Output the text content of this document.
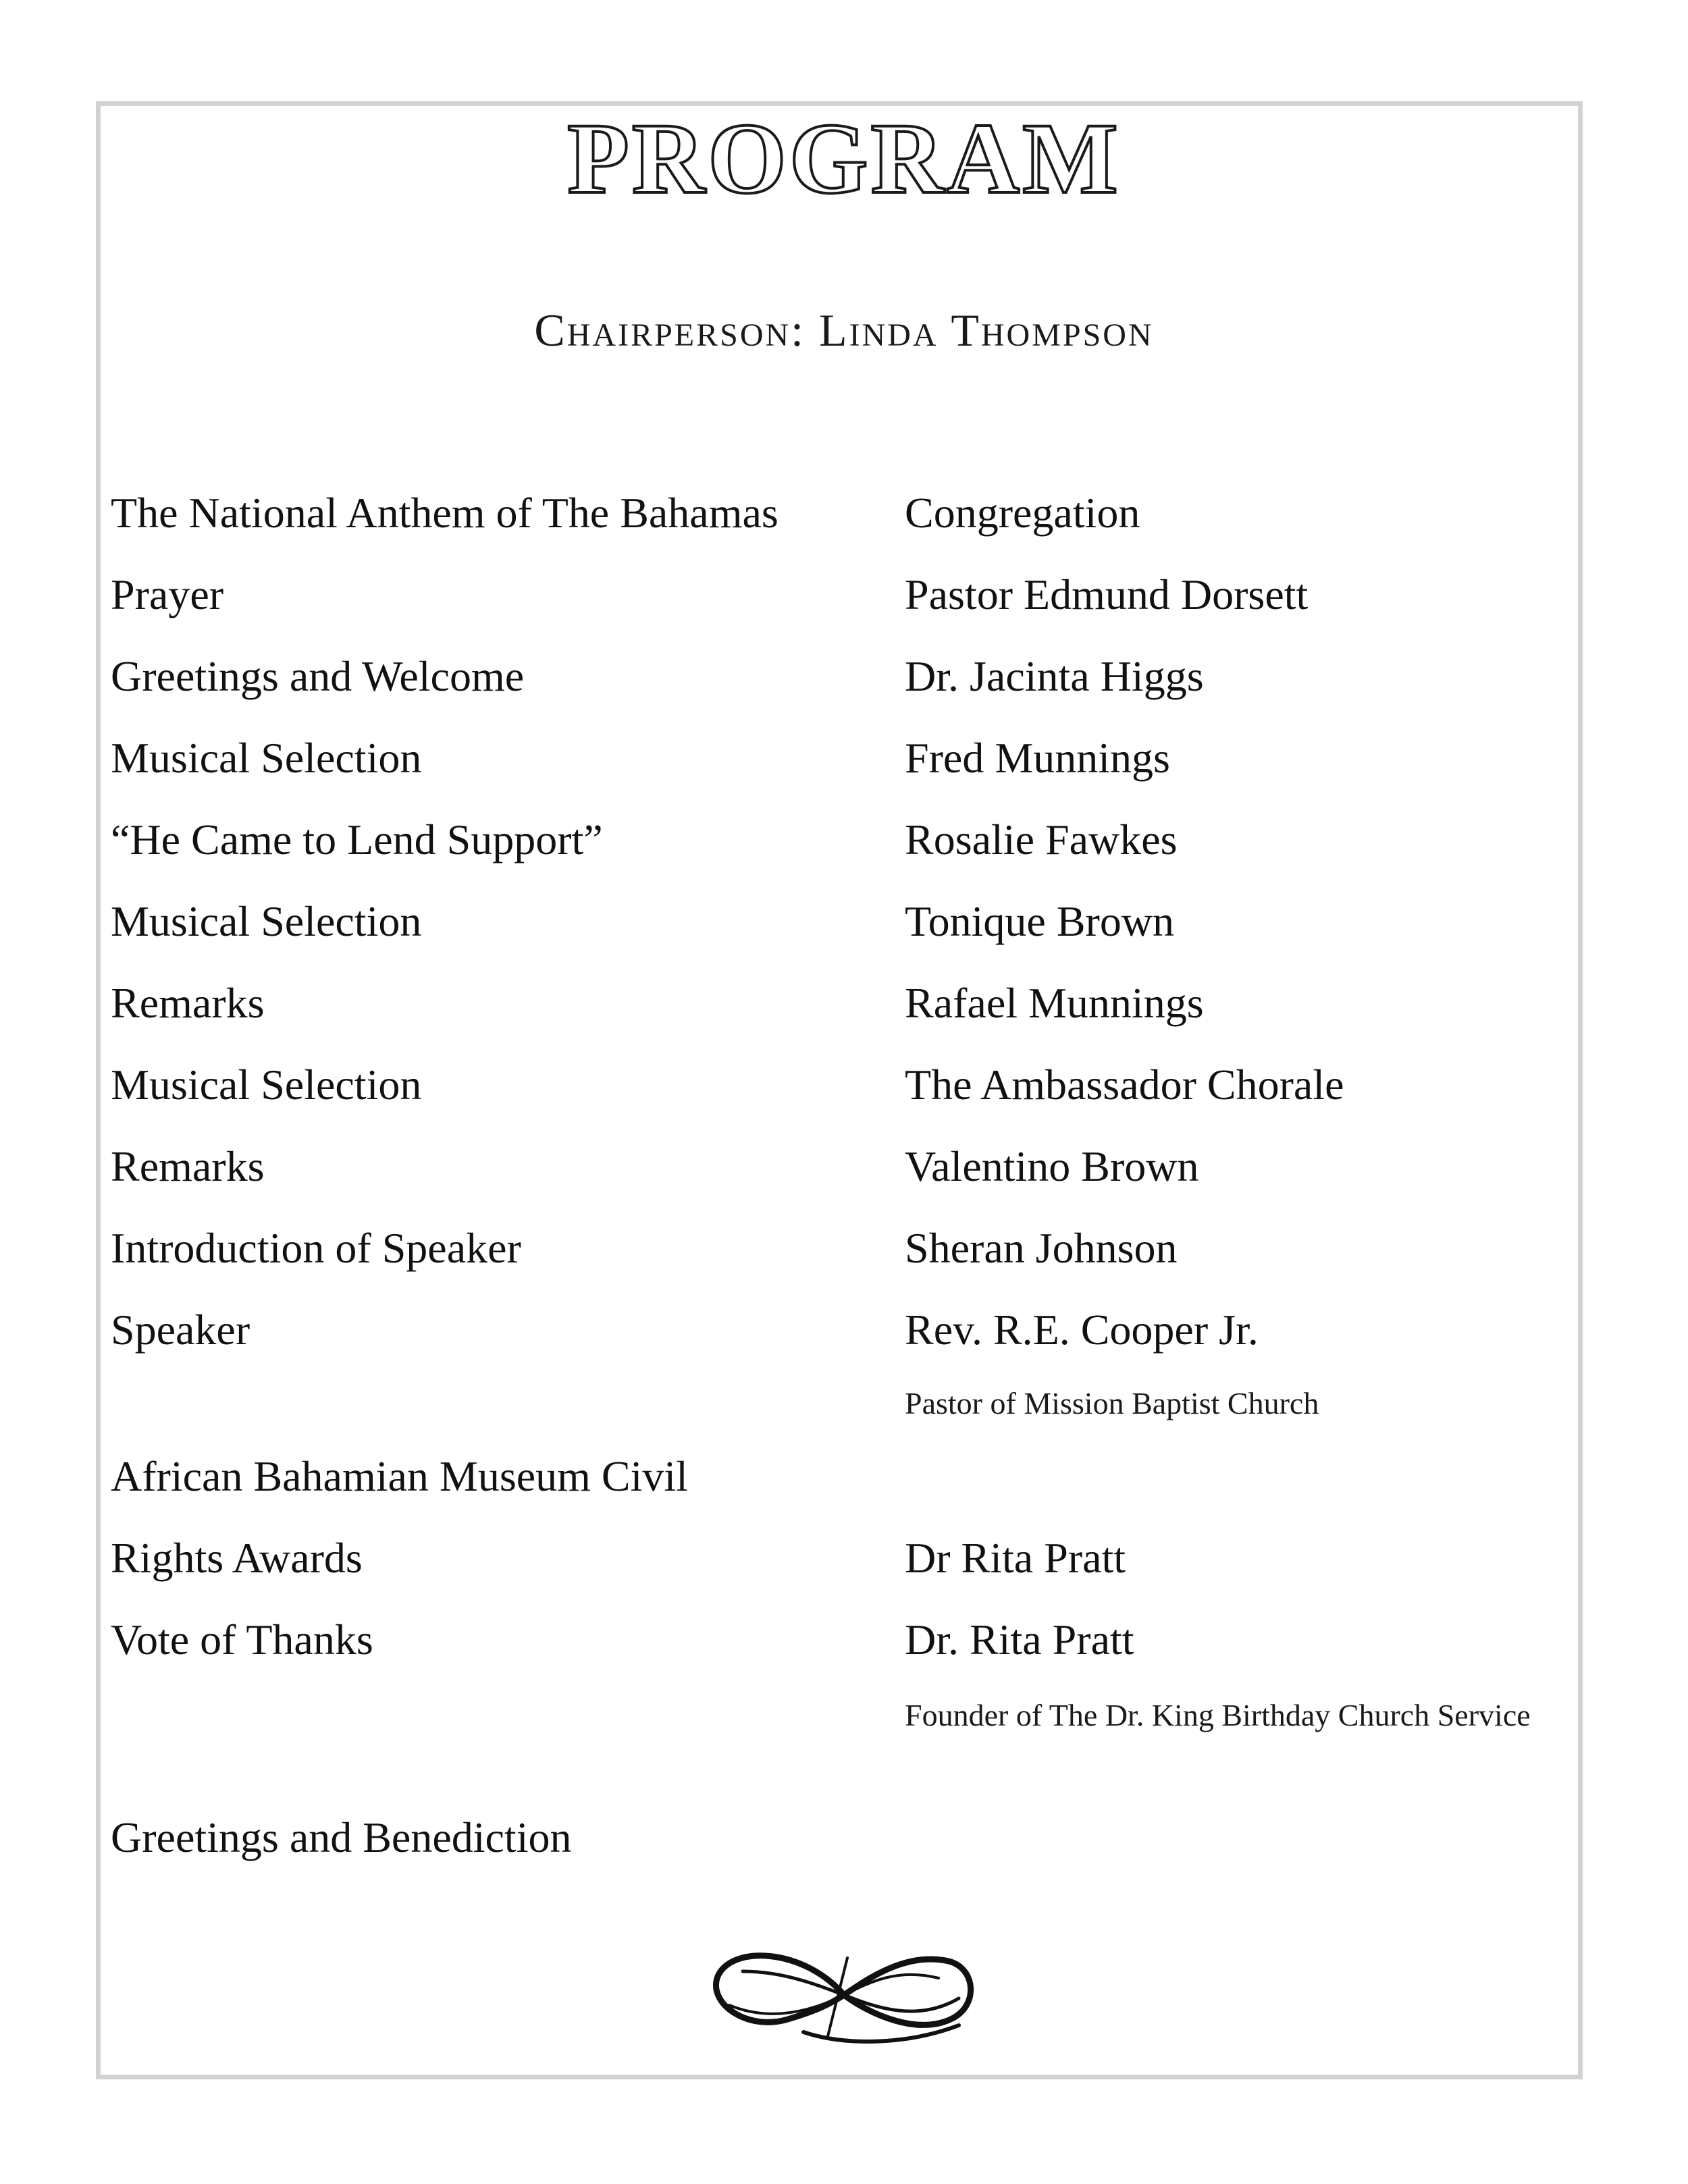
PROGRAM
Chairperson: Linda Thompson
The National Anthem of The Bahamas	Congregation
Prayer	Pastor Edmund Dorsett
Greetings and Welcome	Dr. Jacinta Higgs
Musical Selection	Fred Munnings
“He Came to Lend Support”	Rosalie Fawkes
Musical Selection	Tonique Brown
Remarks	Rafael Munnings
Musical Selection	The Ambassador Chorale
Remarks	Valentino Brown
Introduction of Speaker	Sheran Johnson
Speaker	Rev. R.E. Cooper Jr.
Pastor of Mission Baptist Church
African Bahamian Museum Civil
Rights Awards	Dr Rita Pratt
Vote of Thanks	Dr. Rita Pratt
Founder of The Dr. King Birthday Church Service
Greetings and Benediction
